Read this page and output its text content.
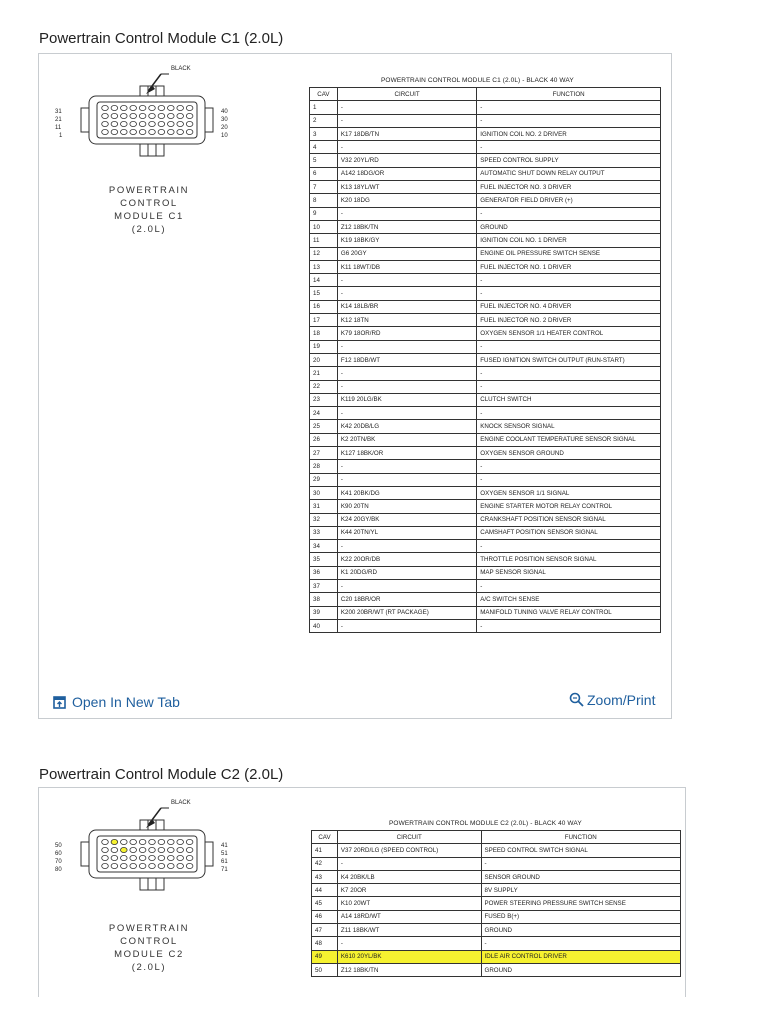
Powertrain Control Module C1 (2.0L)
BLACK
31
21
11
1
40
30
20
10
POWERTRAIN
CONTROL
MODULE C1
(2.0L)
POWERTRAIN CONTROL MODULE C1 (2.0L) - BLACK 40 WAY
CAV	CIRCUIT	FUNCTION
1	-	-
2	-	-
3	K17 18DB/TN	IGNITION COIL NO. 2 DRIVER
4	-	-
5	V32 20YL/RD	SPEED CONTROL SUPPLY
6	A142 18DG/OR	AUTOMATIC SHUT DOWN RELAY OUTPUT
7	K13 18YL/WT	FUEL INJECTOR NO. 3 DRIVER
8	K20 18DG	GENERATOR FIELD DRIVER (+)
9	-	-
10	Z12 18BK/TN	GROUND
11	K19 18BK/GY	IGNITION COIL NO. 1 DRIVER
12	G6 20GY	ENGINE OIL PRESSURE SWITCH SENSE
13	K11 18WT/DB	FUEL INJECTOR NO. 1 DRIVER
14	-	-
15	-	-
16	K14 18LB/BR	FUEL INJECTOR NO. 4 DRIVER
17	K12 18TN	FUEL INJECTOR NO. 2 DRIVER
18	K79 18OR/RD	OXYGEN SENSOR 1/1 HEATER CONTROL
19	-	-
20	F12 18DB/WT	FUSED IGNITION SWITCH OUTPUT (RUN-START)
21	-	-
22	-	-
23	K119 20LG/BK	CLUTCH SWITCH
24	-	-
25	K42 20DB/LG	KNOCK SENSOR SIGNAL
26	K2 20TN/BK	ENGINE COOLANT TEMPERATURE SENSOR SIGNAL
27	K127 18BK/OR	OXYGEN SENSOR GROUND
28	-	-
29	-	-
30	K41 20BK/DG	OXYGEN SENSOR 1/1 SIGNAL
31	K90 20TN	ENGINE STARTER MOTOR RELAY CONTROL
32	K24 20GY/BK	CRANKSHAFT POSITION SENSOR SIGNAL
33	K44 20TN/YL	CAMSHAFT POSITION SENSOR SIGNAL
34	-	-
35	K22 20OR/DB	THROTTLE POSITION SENSOR SIGNAL
36	K1 20DG/RD	MAP SENSOR SIGNAL
37	-	-
38	C20 18BR/OR	A/C SWITCH SENSE
39	K200 20BR/WT (RT PACKAGE)	MANIFOLD TUNING VALVE RELAY CONTROL
40	-	-
Open In New Tab	Zoom/Print
Powertrain Control Module C2 (2.0L)
BLACK
50
60
70
80
41
51
61
71
POWERTRAIN
CONTROL
MODULE C2
(2.0L)
POWERTRAIN CONTROL MODULE C2 (2.0L) - BLACK 40 WAY
CAV	CIRCUIT	FUNCTION
41	V37 20RD/LG (SPEED CONTROL)	SPEED CONTROL SWITCH SIGNAL
42	-	-
43	K4 20BK/LB	SENSOR GROUND
44	K7 20OR	8V SUPPLY
45	K10 20WT	POWER STEERING PRESSURE SWITCH SENSE
46	A14 18RD/WT	FUSED B(+)
47	Z11 18BK/WT	GROUND
48	-	-
49	K610 20YL/BK	IDLE AIR CONTROL DRIVER
50	Z12 18BK/TN	GROUND
